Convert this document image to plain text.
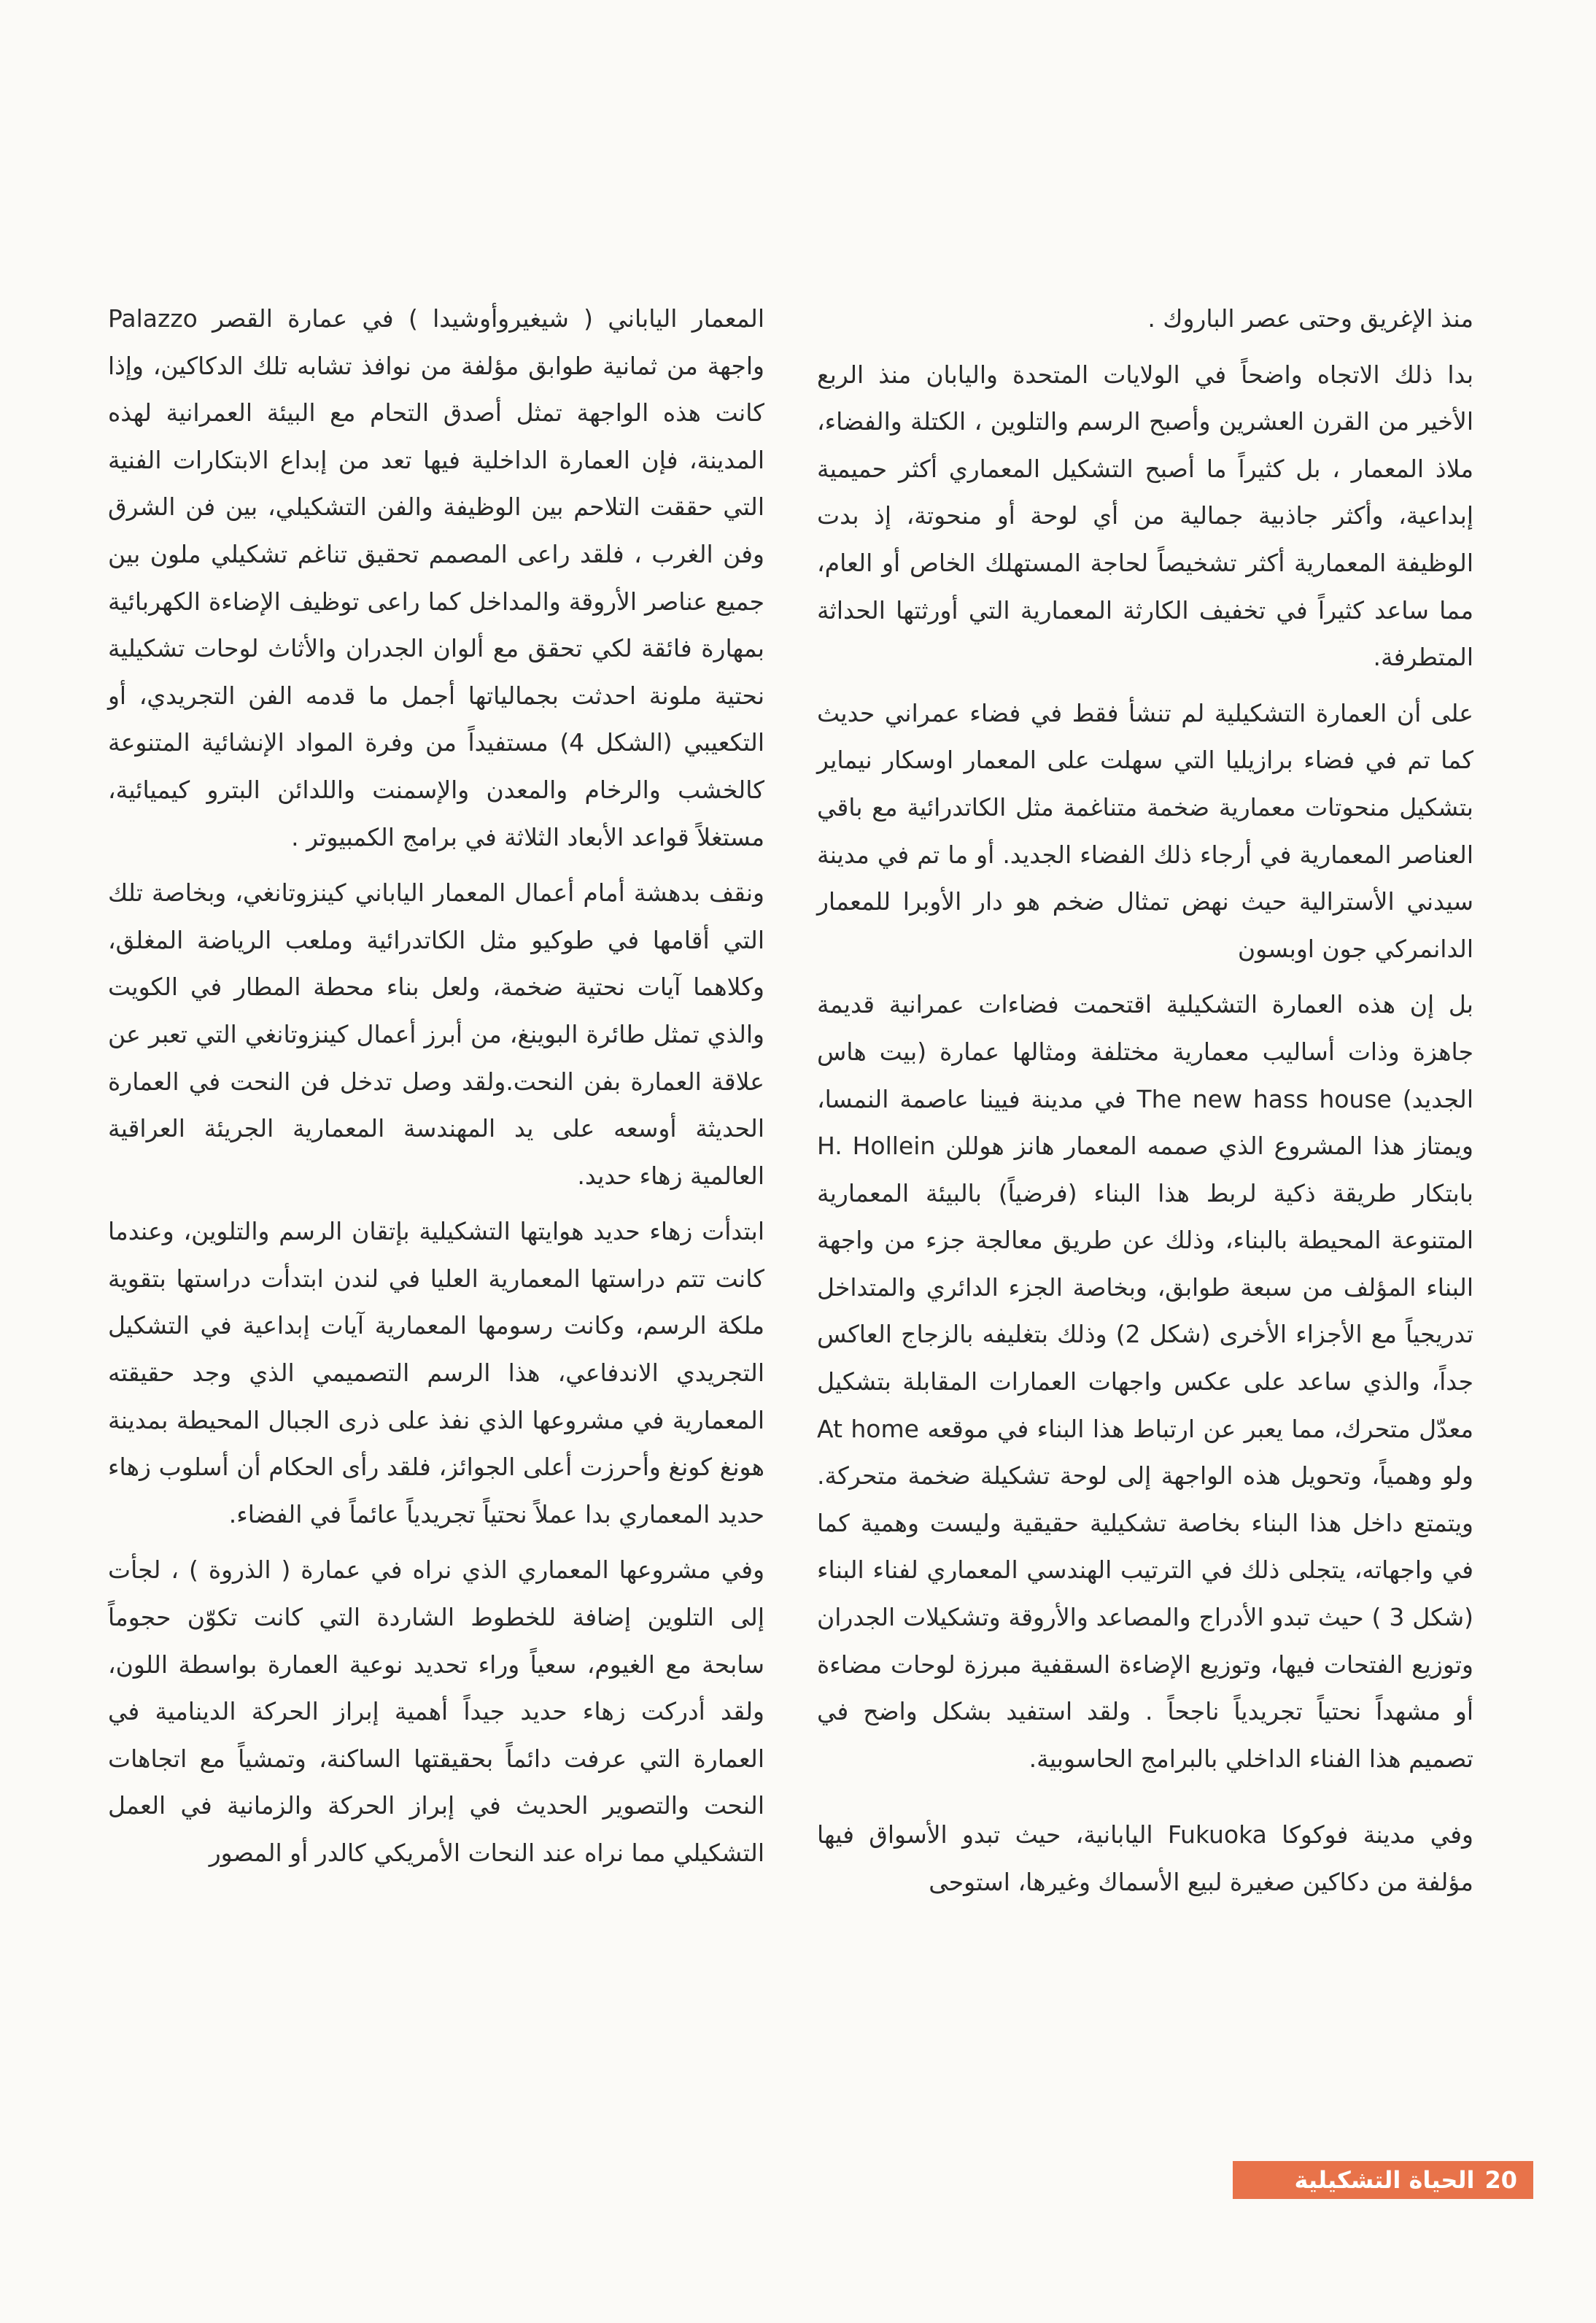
منذ الإغريق وحتى عصر الباروك .

بدا ذلك الاتجاه واضحاً في الولايات المتحدة واليابان منذ الربع الأخير من القرن العشرين وأصبح الرسم والتلوين ، الكتلة والفضاء، ملاذ المعمار ، بل كثيراً ما أصبح التشكيل المعماري أكثر حميمية إبداعية، وأكثر جاذبية جمالية من أي لوحة أو منحوتة، إذ بدت الوظيفة المعمارية أكثر تشخيصاً لحاجة المستهلك الخاص أو العام، مما ساعد كثيراً في تخفيف الكارثة المعمارية التي أورثتها الحداثة المتطرفة.

على أن العمارة التشكيلية لم تنشأ فقط في فضاء عمراني حديث كما تم في فضاء برازيليا التي سهلت على المعمار اوسكار نيماير بتشكيل منحوتات معمارية ضخمة متناغمة مثل الكاتدرائية مع باقي العناصر المعمارية في أرجاء ذلك الفضاء الجديد. أو ما تم في مدينة سيدني الأسترالية حيث نهض تمثال ضخم هو دار الأوبرا للمعمار الدانمركي جون اوبسون

بل إن هذه العمارة التشكيلية اقتحمت فضاءات عمرانية قديمة جاهزة وذات أساليب معمارية مختلفة ومثالها عمارة (بيت هاس الجديد) The new hass house في مدينة فيينا عاصمة النمسا، ويمتاز هذا المشروع الذي صممه المعمار هانز هوللن H. Hollein بابتكار طريقة ذكية لربط هذا البناء (فرضياً) بالبيئة المعمارية المتنوعة المحيطة بالبناء، وذلك عن طريق معالجة جزء من واجهة البناء المؤلف من سبعة طوابق، وبخاصة الجزء الدائري والمتداخل تدريجياً مع الأجزاء الأخرى (شكل 2) وذلك بتغليفه بالزجاج العاكس جداً، والذي ساعد على عكس واجهات العمارات المقابلة بتشكيل معدّل متحرك، مما يعبر عن ارتباط هذا البناء في موقعه At home ولو وهمياً، وتحويل هذه الواجهة إلى لوحة تشكيلة ضخمة متحركة. ويتمتع داخل هذا البناء بخاصة تشكيلية حقيقية وليست وهمية كما في واجهاته، يتجلى ذلك في الترتيب الهندسي المعماري لفناء البناء (شكل 3 ) حيث تبدو الأدراج والمصاعد والأروقة وتشكيلات الجدران وتوزيع الفتحات فيها، وتوزيع الإضاءة السقفية مبرزة لوحات مضاءة أو مشهداً نحتياً تجريدياً ناجحاً . ولقد استفيد بشكل واضح في تصميم هذا الفناء الداخلي بالبرامج الحاسوبية.

وفي مدينة فوكوكا Fukuoka اليابانية، حيث تبدو الأسواق فيها مؤلفة من دكاكين صغيرة لبيع الأسماك وغيرها، استوحى

المعمار الياباني ( شيغيروأوشيدا ) في عمارة القصر Palazzo واجهة من ثمانية طوابق مؤلفة من نوافذ تشابه تلك الدكاكين، وإذا كانت هذه الواجهة تمثل أصدق التحام مع البيئة العمرانية لهذه المدينة، فإن العمارة الداخلية فيها تعد من إبداع الابتكارات الفنية التي حققت التلاحم بين الوظيفة والفن التشكيلي، بين فن الشرق وفن الغرب ، فلقد راعى المصمم تحقيق تناغم تشكيلي ملون بين جميع عناصر الأروقة والمداخل كما راعى توظيف الإضاءة الكهربائية بمهارة فائقة لكي تحقق مع ألوان الجدران والأثاث لوحات تشكيلية نحتية ملونة احدثت بجمالياتها أجمل ما قدمه الفن التجريدي، أو التكعيبي (الشكل 4) مستفيداً من وفرة المواد الإنشائية المتنوعة كالخشب والرخام والمعدن والإسمنت واللدائن البترو كيميائية، مستغلاً قواعد الأبعاد الثلاثة في برامج الكمبيوتر .

ونقف بدهشة أمام أعمال المعمار الياباني كينزوتانغي، وبخاصة تلك التي أقامها في طوكيو مثل الكاتدرائية وملعب الرياضة المغلق، وكلاهما آيات نحتية ضخمة، ولعل بناء محطة المطار في الكويت والذي تمثل طائرة البوينغ، من أبرز أعمال كينزوتانغي التي تعبر عن علاقة العمارة بفن النحت.ولقد وصل تدخل فن النحت في العمارة الحديثة أوسعه على يد المهندسة المعمارية الجريئة العراقية العالمية زهاء حديد.

ابتدأت زهاء حديد هوايتها التشكيلية بإتقان الرسم والتلوين، وعندما كانت تتم دراستها المعمارية العليا في لندن ابتدأت دراستها بتقوية ملكة الرسم، وكانت رسومها المعمارية آيات إبداعية في التشكيل التجريدي الاندفاعي، هذا الرسم التصميمي الذي وجد حقيقته المعمارية في مشروعها الذي نفذ على ذرى الجبال المحيطة بمدينة هونغ كونغ وأحرزت أعلى الجوائز، فلقد رأى الحكام أن أسلوب زهاء حديد المعماري بدا عملاً نحتياً تجريدياً عائماً في الفضاء.

وفي مشروعها المعماري الذي نراه في عمارة ( الذروة ) ، لجأت إلى التلوين إضافة للخطوط الشاردة التي كانت تكوّن حجوماً سابحة مع الغيوم، سعياً وراء تحديد نوعية العمارة بواسطة اللون، ولقد أدركت زهاء حديد جيداً أهمية إبراز الحركة الدينامية في العمارة التي عرفت دائماً بحقيقتها الساكنة، وتمشياً مع اتجاهات النحت والتصوير الحديث في إبراز الحركة والزمانية في العمل التشكيلي مما نراه عند النحات الأمريكي كالدر أو المصور

20
الحياة التشكيلية
